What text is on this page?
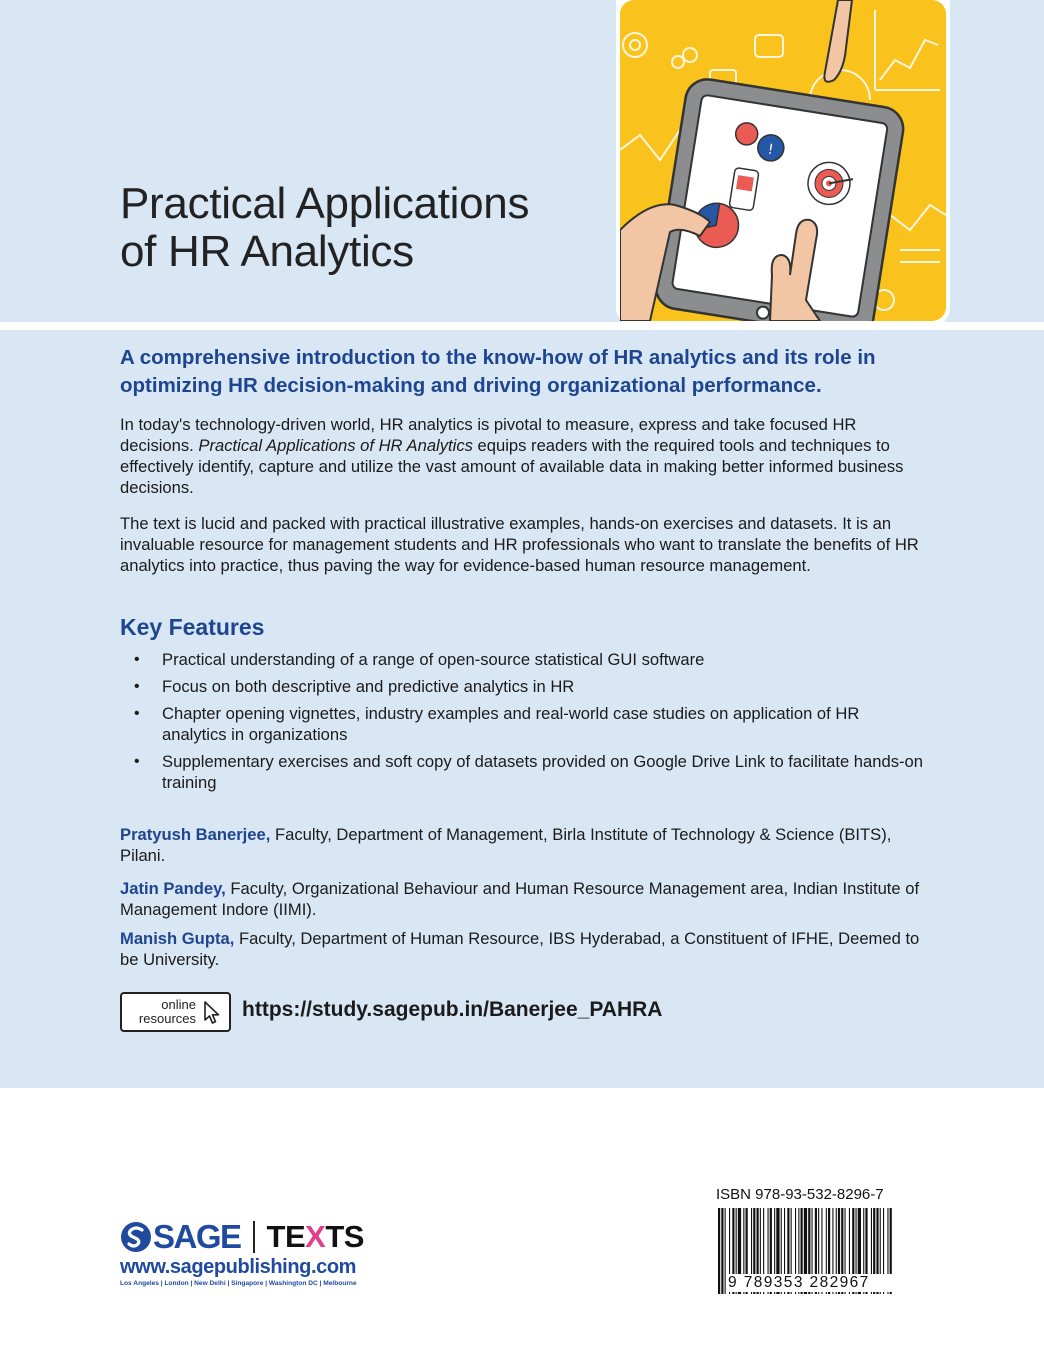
Practical Applications
of HR Analytics
!

A comprehensive introduction to the know-how of HR analytics and its role in optimizing HR decision-making and driving organizational performance.

In today's technology-driven world, HR analytics is pivotal to measure, express and take focused HR decisions. Practical Applications of HR Analytics equips readers with the required tools and techniques to effectively identify, capture and utilize the vast amount of available data in making better informed business decisions.

The text is lucid and packed with practical illustrative examples, hands-on exercises and datasets. It is an invaluable resource for management students and HR professionals who want to translate the benefits of HR analytics into practice, thus paving the way for evidence-based human resource management.

Key Features
• Practical understanding of a range of open-source statistical GUI software
• Focus on both descriptive and predictive analytics in HR
• Chapter opening vignettes, industry examples and real-world case studies on application of HR analytics in organizations
• Supplementary exercises and soft copy of datasets provided on Google Drive Link to facilitate hands-on training

Pratyush Banerjee, Faculty, Department of Management, Birla Institute of Technology & Science (BITS), Pilani.

Jatin Pandey, Faculty, Organizational Behaviour and Human Resource Management area, Indian Institute of Management Indore (IIMI).

Manish Gupta, Faculty, Department of Human Resource, IBS Hyderabad, a Constituent of IFHE, Deemed to be University.

online
resources https://study.sagepub.in/Banerjee_PAHRA
SAGE TEXTS
www.sagepublishing.com
Los Angeles | London | New Delhi | Singapore | Washington DC | Melbourne
ISBN 978-93-532-8296-7
9 789353 282967
